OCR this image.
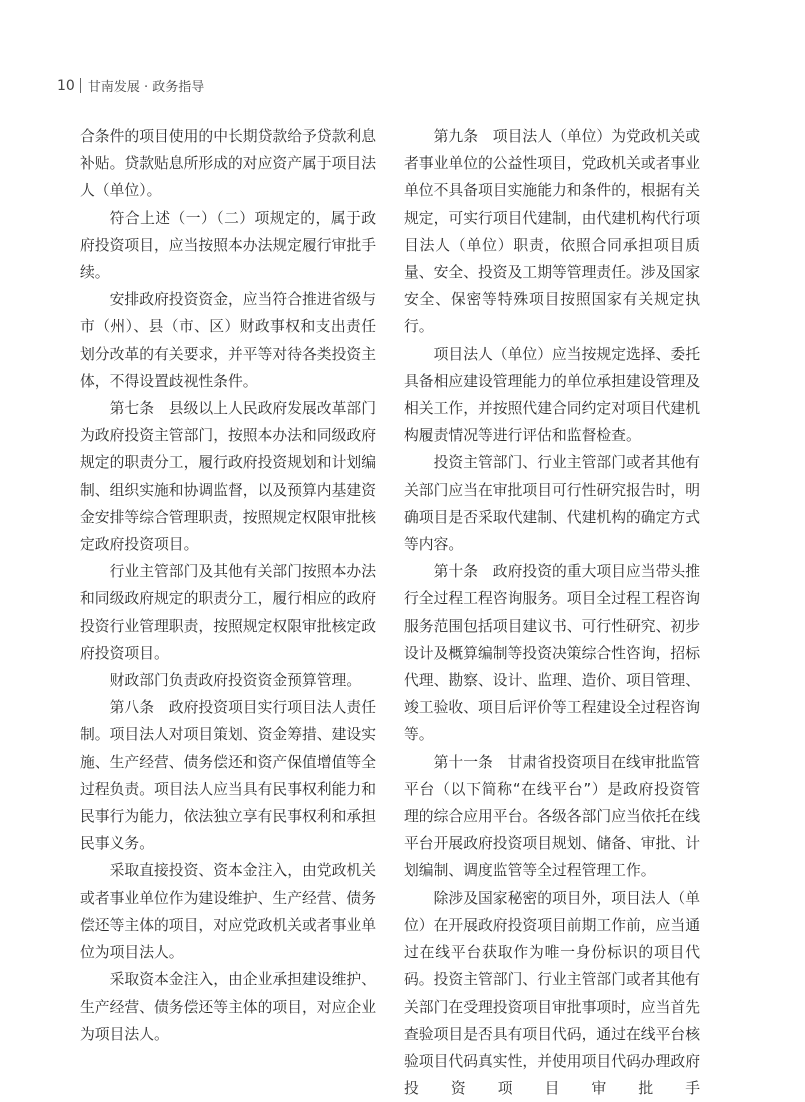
10 甘南发展 · 政务指导

合条件的项目使用的中长期贷款给予贷款利息补贴。贷款贴息所形成的对应资产属于项目法人（单位）。

符合上述（一）（二）项规定的，属于政府投资项目，应当按照本办法规定履行审批手续。

安排政府投资资金，应当符合推进省级与市（州）、县（市、区）财政事权和支出责任划分改革的有关要求，并平等对待各类投资主体，不得设置歧视性条件。

第七条　县级以上人民政府发展改革部门为政府投资主管部门，按照本办法和同级政府规定的职责分工，履行政府投资规划和计划编制、组织实施和协调监督，以及预算内基建资金安排等综合管理职责，按照规定权限审批核定政府投资项目。

行业主管部门及其他有关部门按照本办法和同级政府规定的职责分工，履行相应的政府投资行业管理职责，按照规定权限审批核定政府投资项目。

财政部门负责政府投资资金预算管理。

第八条　政府投资项目实行项目法人责任制。项目法人对项目策划、资金筹措、建设实施、生产经营、债务偿还和资产保值增值等全过程负责。项目法人应当具有民事权利能力和民事行为能力，依法独立享有民事权利和承担民事义务。

采取直接投资、资本金注入，由党政机关或者事业单位作为建设维护、生产经营、债务偿还等主体的项目，对应党政机关或者事业单位为项目法人。

采取资本金注入，由企业承担建设维护、生产经营、债务偿还等主体的项目，对应企业为项目法人。

第九条　项目法人（单位）为党政机关或者事业单位的公益性项目，党政机关或者事业单位不具备项目实施能力和条件的，根据有关规定，可实行项目代建制，由代建机构代行项目法人（单位）职责，依照合同承担项目质量、安全、投资及工期等管理责任。涉及国家安全、保密等特殊项目按照国家有关规定执行。

项目法人（单位）应当按规定选择、委托具备相应建设管理能力的单位承担建设管理及相关工作，并按照代建合同约定对项目代建机构履责情况等进行评估和监督检查。

投资主管部门、行业主管部门或者其他有关部门应当在审批项目可行性研究报告时，明确项目是否采取代建制、代建机构的确定方式等内容。

第十条　政府投资的重大项目应当带头推行全过程工程咨询服务。项目全过程工程咨询服务范围包括项目建议书、可行性研究、初步设计及概算编制等投资决策综合性咨询，招标代理、勘察、设计、监理、造价、项目管理、竣工验收、项目后评价等工程建设全过程咨询等。

第十一条　甘肃省投资项目在线审批监管平台（以下简称“在线平台”）是政府投资管理的综合应用平台。各级各部门应当依托在线平台开展政府投资项目规划、储备、审批、计划编制、调度监管等全过程管理工作。

除涉及国家秘密的项目外，项目法人（单位）在开展政府投资项目前期工作前，应当通过在线平台获取作为唯一身份标识的项目代码。投资主管部门、行业主管部门或者其他有关部门在受理投资项目审批事项时，应当首先查验项目是否具有项目代码，通过在线平台核验项目代码真实性，并使用项目代码办理政府投资项目审批手
